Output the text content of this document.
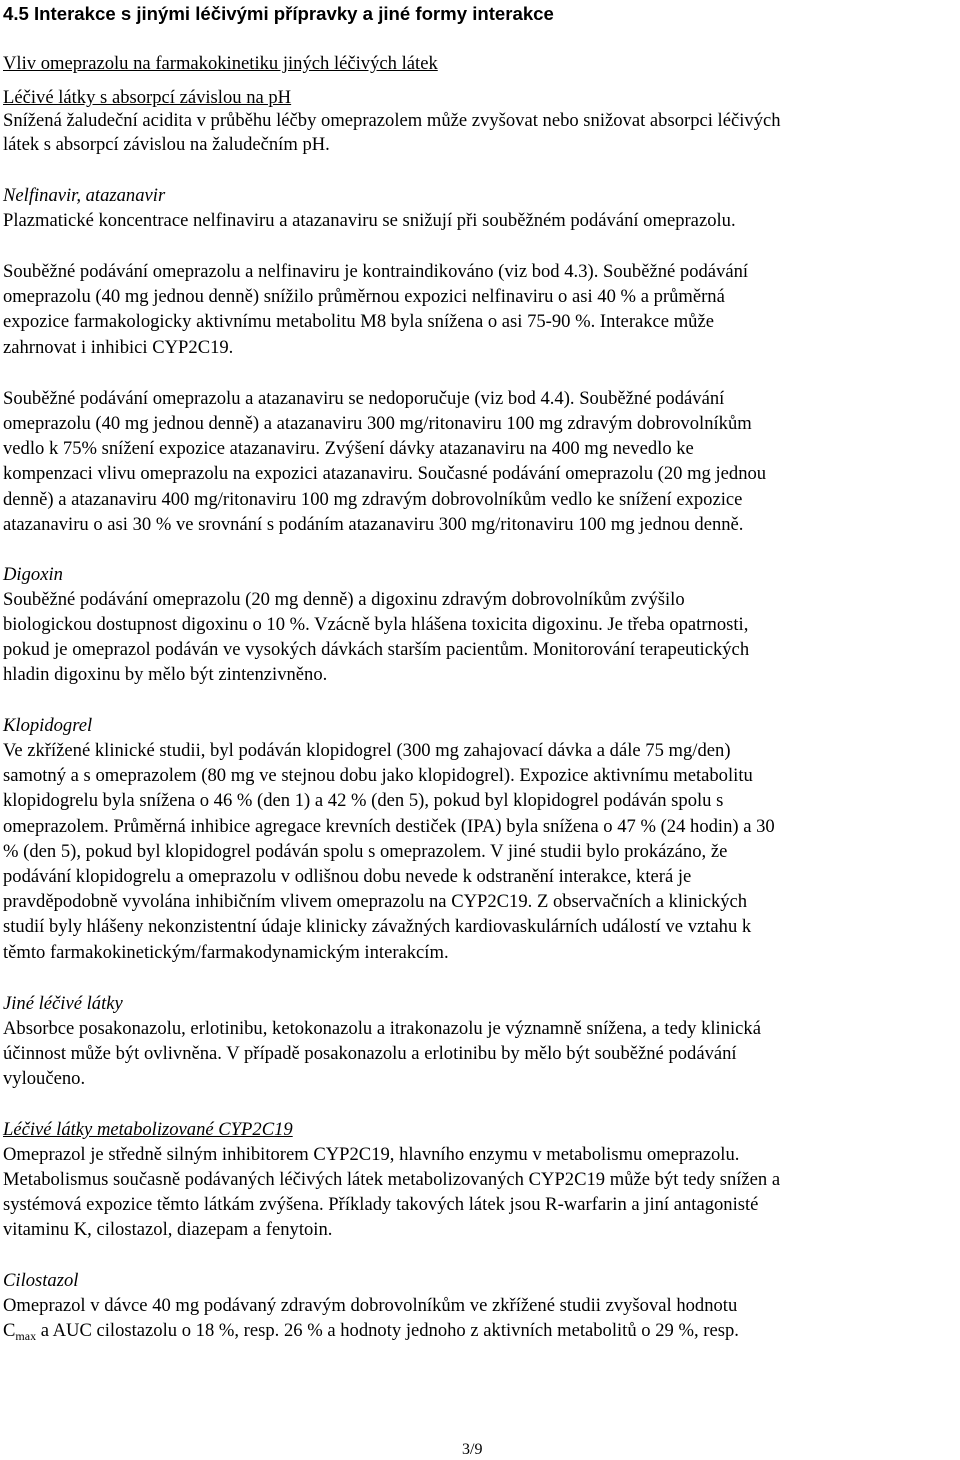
4.5 Interakce s jinými léčivými přípravky a jiné formy interakce
Vliv omeprazolu na farmakokinetiku jiných léčivých látek
Léčivé látky s absorpcí závislou na pH
Snížená žaludeční acidita v průběhu léčby omeprazolem může zvyšovat nebo snižovat absorpci léčivých
látek s absorpcí závislou na žaludečním pH.
Nelfinavir, atazanavir
Plazmatické koncentrace nelfinaviru a atazanaviru se snižují při souběžném podávání omeprazolu.
Souběžné podávání omeprazolu a nelfinaviru je kontraindikováno (viz bod 4.3). Souběžné podávání
omeprazolu (40 mg jednou denně) snížilo průměrnou expozici nelfinaviru o asi 40 % a průměrná
expozice farmakologicky aktivnímu metabolitu M8 byla snížena o asi 75-90 %. Interakce může
zahrnovat i inhibici CYP2C19.
Souběžné podávání omeprazolu a atazanaviru se nedoporučuje (viz bod 4.4). Souběžné podávání
omeprazolu (40 mg jednou denně) a atazanaviru 300 mg/ritonaviru 100 mg zdravým dobrovolníkům
vedlo k 75% snížení expozice atazanaviru. Zvýšení dávky atazanaviru na 400 mg nevedlo ke
kompenzaci vlivu omeprazolu na expozici atazanaviru. Současné podávání omeprazolu (20 mg jednou
denně) a atazanaviru 400 mg/ritonaviru 100 mg zdravým dobrovolníkům vedlo ke snížení expozice
atazanaviru o asi 30 % ve srovnání s podáním atazanaviru 300 mg/ritonaviru 100 mg jednou denně.
Digoxin
Souběžné podávání omeprazolu (20 mg denně) a digoxinu zdravým dobrovolníkům zvýšilo
biologickou dostupnost digoxinu o 10 %. Vzácně byla hlášena toxicita digoxinu. Je třeba opatrnosti,
pokud je omeprazol podáván ve vysokých dávkách starším pacientům. Monitorování terapeutických
hladin digoxinu by mělo být zintenzivněno.
Klopidogrel
Ve zkřížené klinické studii, byl podáván klopidogrel (300 mg zahajovací dávka a dále 75 mg/den)
samotný a s omeprazolem (80 mg ve stejnou dobu jako klopidogrel). Expozice aktivnímu metabolitu
klopidogrelu byla snížena o 46 % (den 1) a 42 % (den 5), pokud byl klopidogrel podáván spolu s
omeprazolem. Průměrná inhibice agregace krevních destiček (IPA) byla snížena o 47 % (24 hodin) a 30
% (den 5), pokud byl klopidogrel podáván spolu s omeprazolem. V jiné studii bylo prokázáno, že
podávání klopidogrelu a omeprazolu v odlišnou dobu nevede k odstranění interakce, která je
pravděpodobně vyvolána inhibičním vlivem omeprazolu na CYP2C19. Z observačních a klinických
studií byly hlášeny nekonzistentní údaje klinicky závažných kardiovaskulárních událostí ve vztahu k
těmto farmakokinetickým/farmakodynamickým interakcím.
Jiné léčivé látky
Absorbce posakonazolu, erlotinibu, ketokonazolu a itrakonazolu je významně snížena, a tedy klinická
účinnost může být ovlivněna. V případě posakonazolu a erlotinibu by mělo být souběžné podávání
vyloučeno.
Léčivé látky metabolizované CYP2C19
Omeprazol je středně silným inhibitorem CYP2C19, hlavního enzymu v metabolismu omeprazolu.
Metabolismus současně podávaných léčivých látek metabolizovaných CYP2C19 může být tedy snížen a
systémová expozice těmto látkám zvýšena. Příklady takových látek jsou R-warfarin a jiní antagonisté
vitaminu K, cilostazol, diazepam a fenytoin.
Cilostazol
Omeprazol v dávce 40 mg podávaný zdravým dobrovolníkům ve zkřížené studii zvyšoval hodnotu
$C_{max}$ a AUC cilostazolu o 18 %, resp. 26 % a hodnoty jednoho z aktivních metabolitů o 29 %, resp.
3/9
